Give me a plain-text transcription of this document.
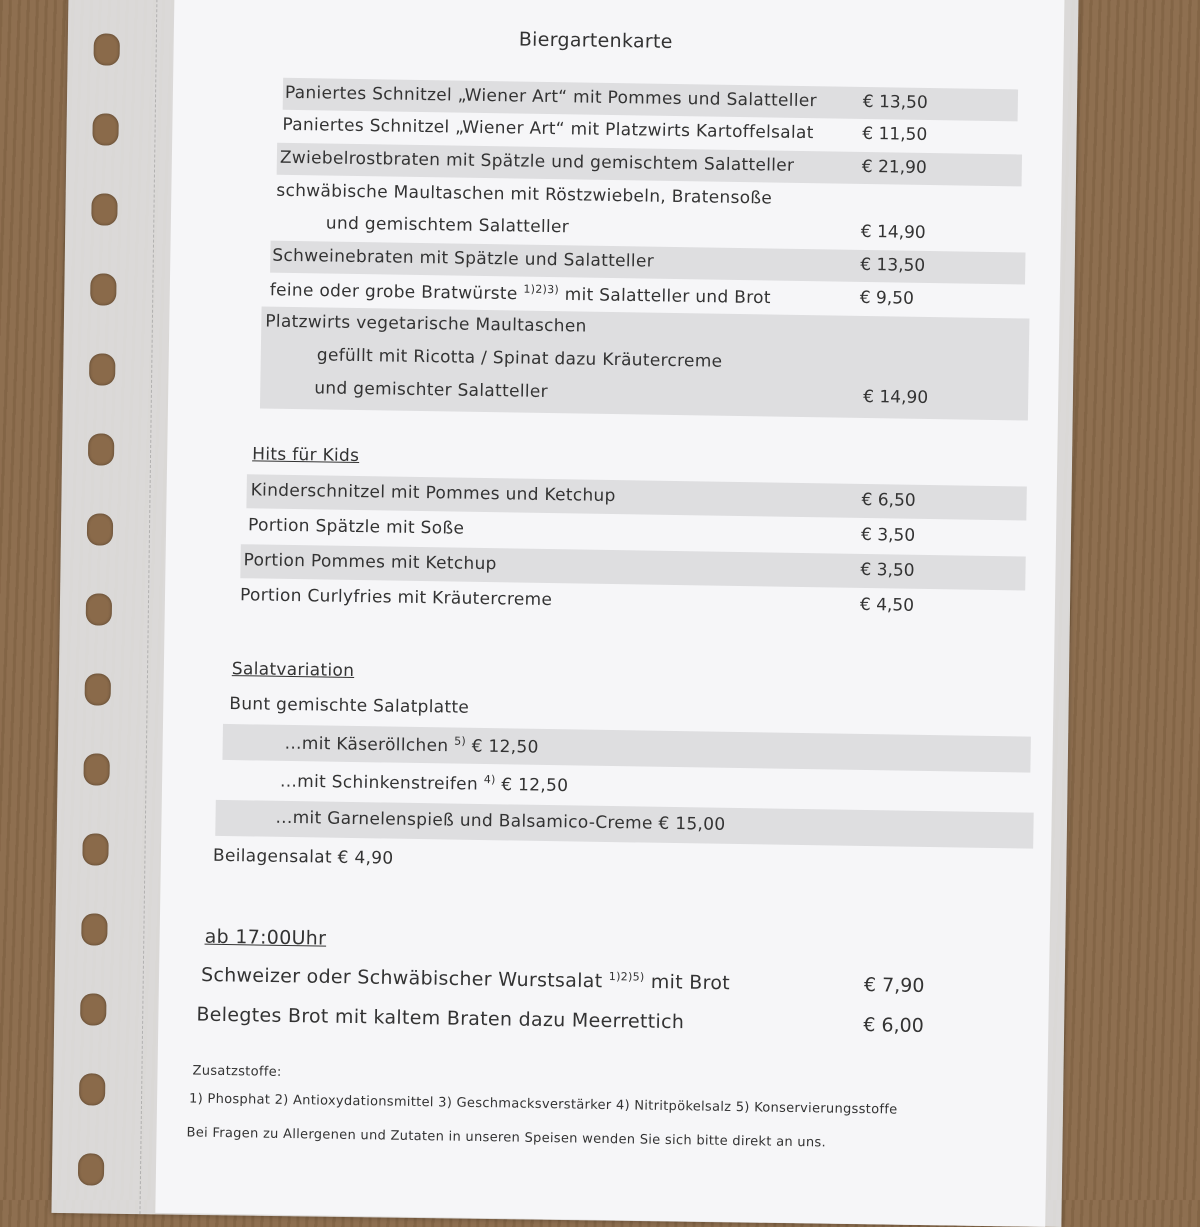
Biergartenkarte
Paniertes Schnitzel „Wiener Art“ mit Pommes und Salatteller	€ 13,50
Paniertes Schnitzel „Wiener Art“ mit Platzwirts Kartoffelsalat	€ 11,50
Zwiebelrostbraten mit Spätzle und gemischtem Salatteller	€ 21,90
schwäbische Maultaschen mit Röstzwiebeln, Bratensoße
und gemischtem Salatteller	€ 14,90
Schweinebraten mit Spätzle und Salatteller	€ 13,50
feine oder grobe Bratwürste $^{1)2)3)}$ mit Salatteller und Brot	€ 9,50
Platzwirts vegetarische Maultaschen
gefüllt mit Ricotta / Spinat dazu Kräutercreme
und gemischter Salatteller	€ 14,90
Hits für Kids
Kinderschnitzel mit Pommes und Ketchup	€ 6,50
Portion Spätzle mit Soße	€ 3,50
Portion Pommes mit Ketchup	€ 3,50
Portion Curlyfries mit Kräutercreme	€ 4,50
Salatvariation
Bunt gemischte Salatplatte
...mit Käseröllchen $^{5)}$ € 12,50
...mit Schinkenstreifen $^{4)}$ € 12,50
...mit Garnelenspieß und Balsamico-Creme € 15,00
Beilagensalat € 4,90
ab 17:00Uhr
Schweizer oder Schwäbischer Wurstsalat $^{1)2)5)}$ mit Brot	€ 7,90
Belegtes Brot mit kaltem Braten dazu Meerrettich	€ 6,00
Zusatzstoffe:
1) Phosphat 2) Antioxydationsmittel 3) Geschmacksverstärker 4) Nitritpökelsalz 5) Konservierungsstoffe
Bei Fragen zu Allergenen und Zutaten in unseren Speisen wenden Sie sich bitte direkt an uns.
